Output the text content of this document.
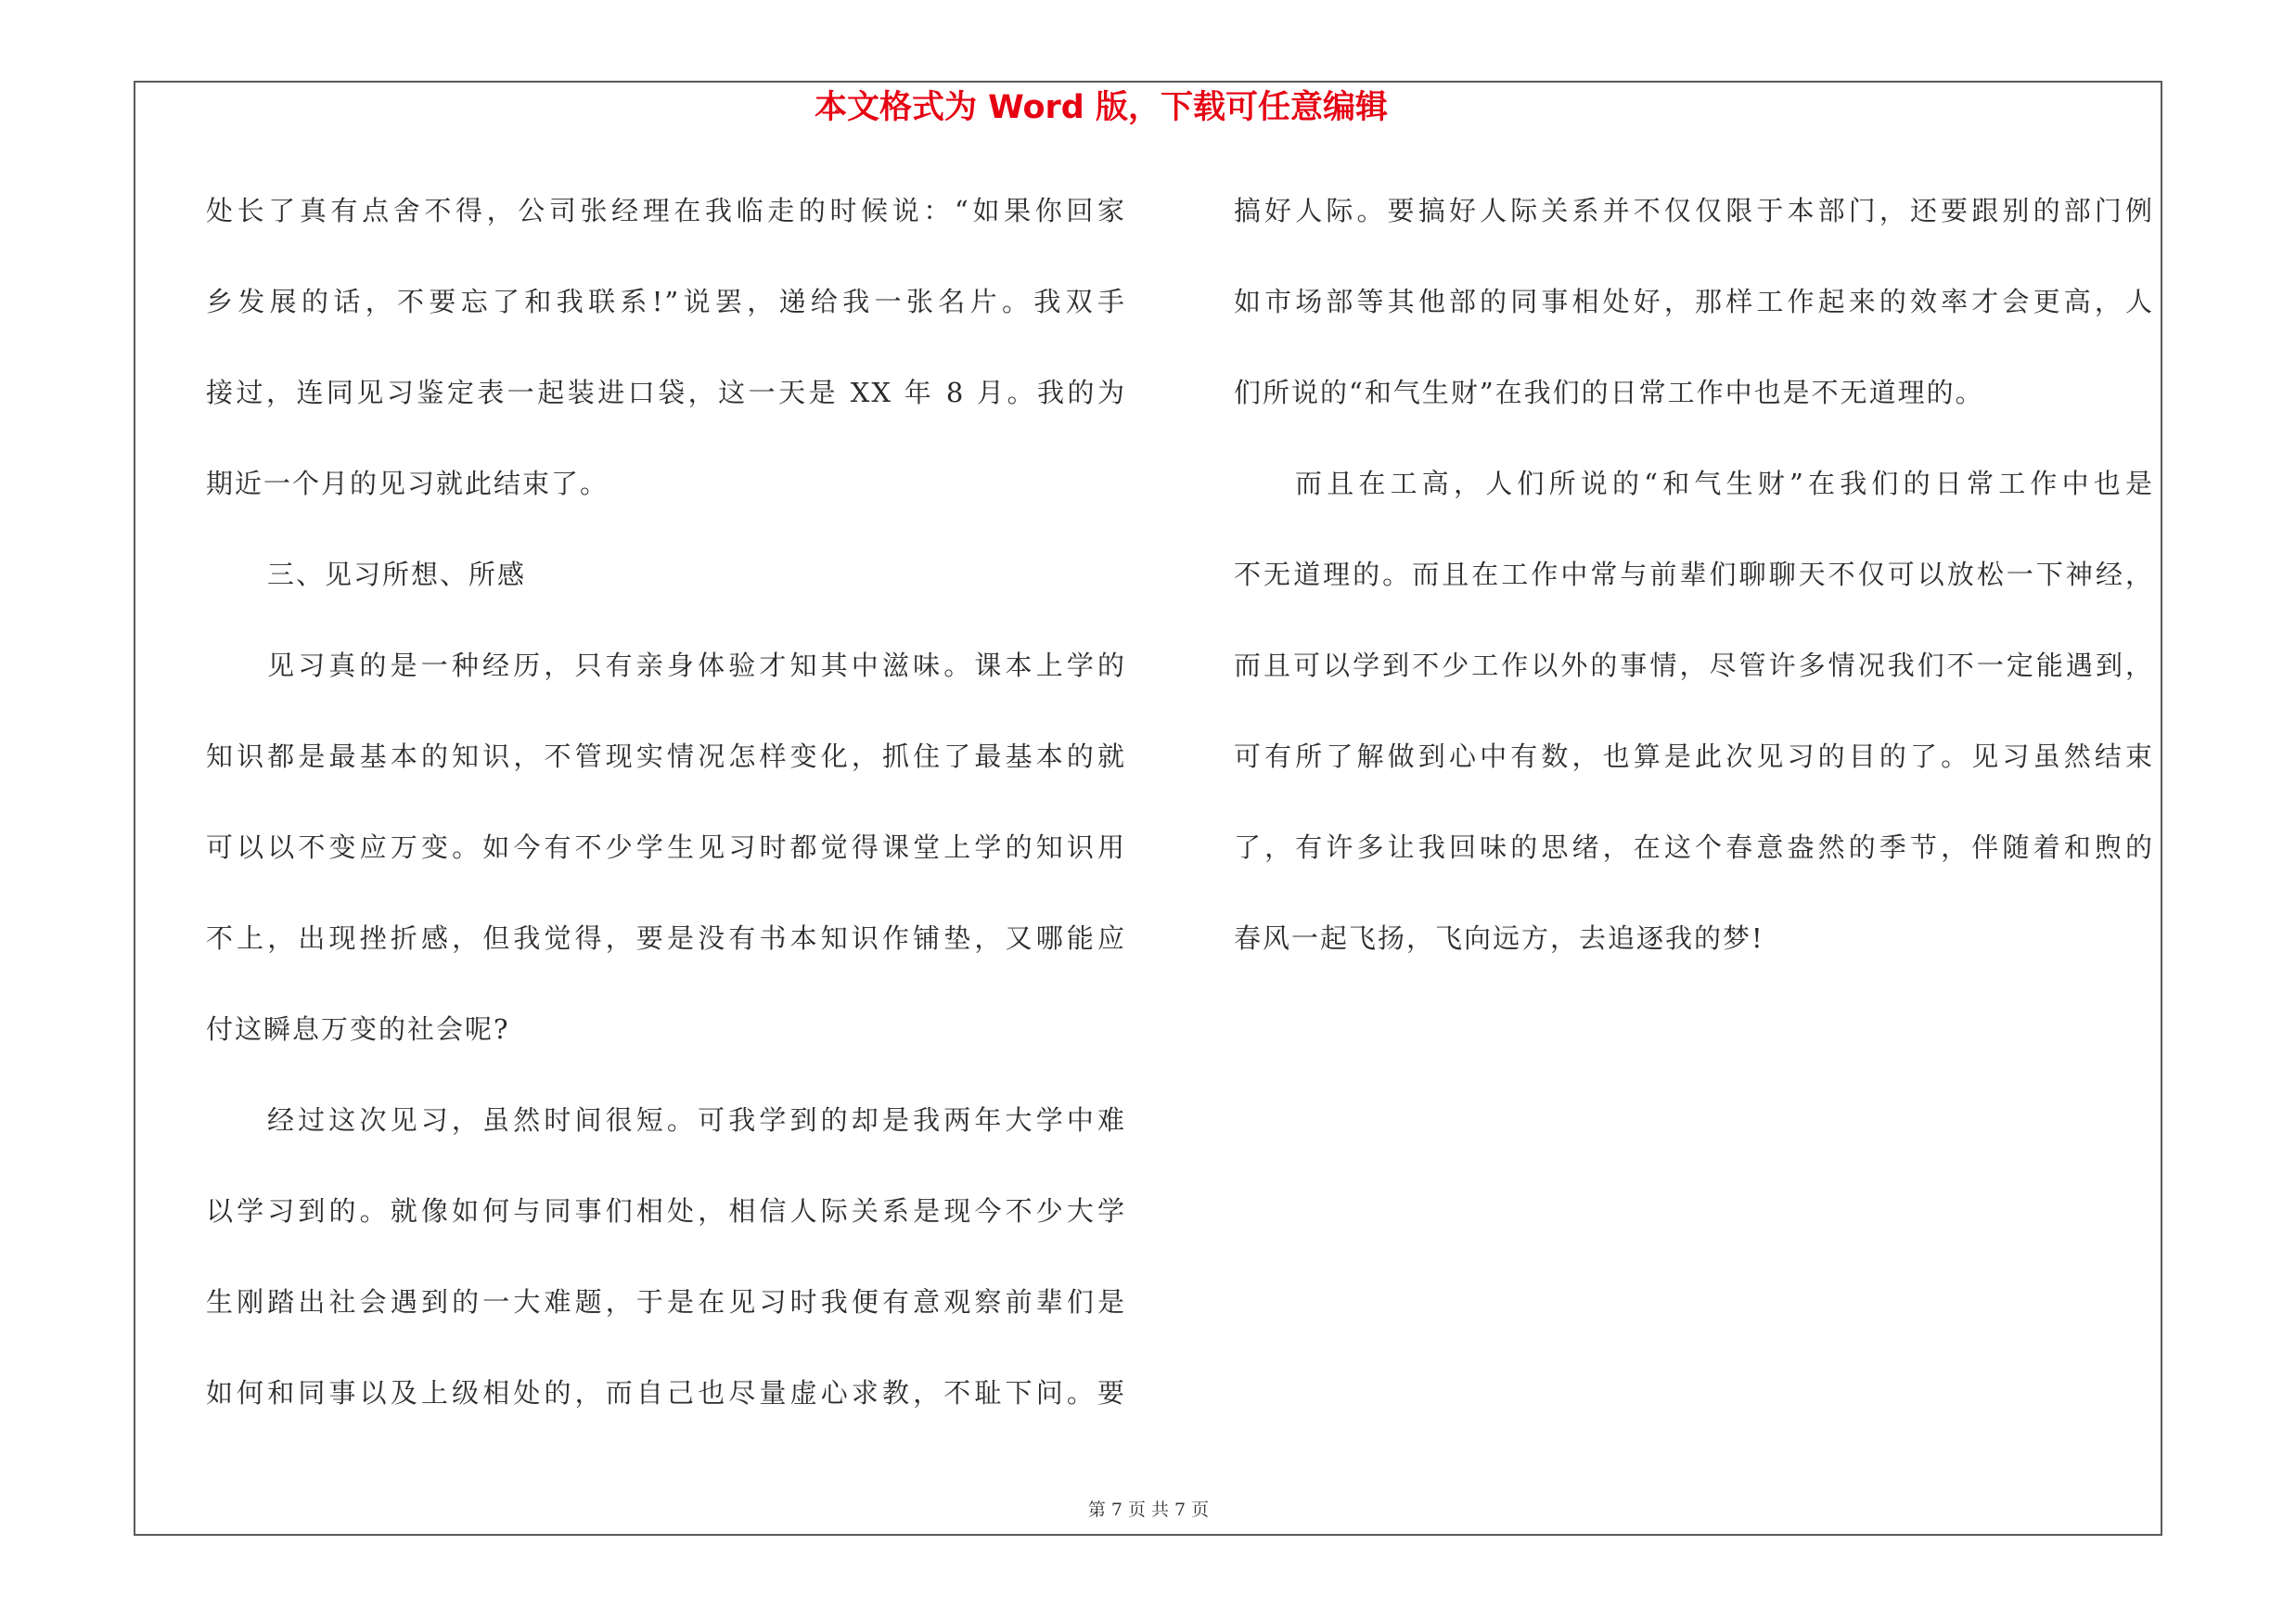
本文格式为 Word 版，下载可任意编辑
处长了真有点舍不得，公司张经理在我临走的时候说：“如果你回家
乡发展的话，不要忘了和我联系!”说罢，递给我一张名片。我双手
接过，连同见习鉴定表一起装进口袋，这一天是 XX 年 8 月。我的为
期近一个月的见习就此结束了。
三、见习所想、所感
见习真的是一种经历，只有亲身体验才知其中滋味。课本上学的
知识都是最基本的知识，不管现实情况怎样变化，抓住了最基本的就
可以以不变应万变。如今有不少学生见习时都觉得课堂上学的知识用
不上，出现挫折感，但我觉得，要是没有书本知识作铺垫，又哪能应
付这瞬息万变的社会呢?
经过这次见习，虽然时间很短。可我学到的却是我两年大学中难
以学习到的。就像如何与同事们相处，相信人际关系是现今不少大学
生刚踏出社会遇到的一大难题，于是在见习时我便有意观察前辈们是
如何和同事以及上级相处的，而自己也尽量虚心求教，不耻下问。要
搞好人际。要搞好人际关系并不仅仅限于本部门，还要跟别的部门例
如市场部等其他部的同事相处好，那样工作起来的效率才会更高，人
们所说的“和气生财”在我们的日常工作中也是不无道理的。
而且在工高，人们所说的“和气生财”在我们的日常工作中也是
不无道理的。而且在工作中常与前辈们聊聊天不仅可以放松一下神经，
而且可以学到不少工作以外的事情，尽管许多情况我们不一定能遇到，
可有所了解做到心中有数，也算是此次见习的目的了。见习虽然结束
了，有许多让我回味的思绪，在这个春意盎然的季节，伴随着和煦的
春风一起飞扬，飞向远方，去追逐我的梦!
第 7 页 共 7 页
